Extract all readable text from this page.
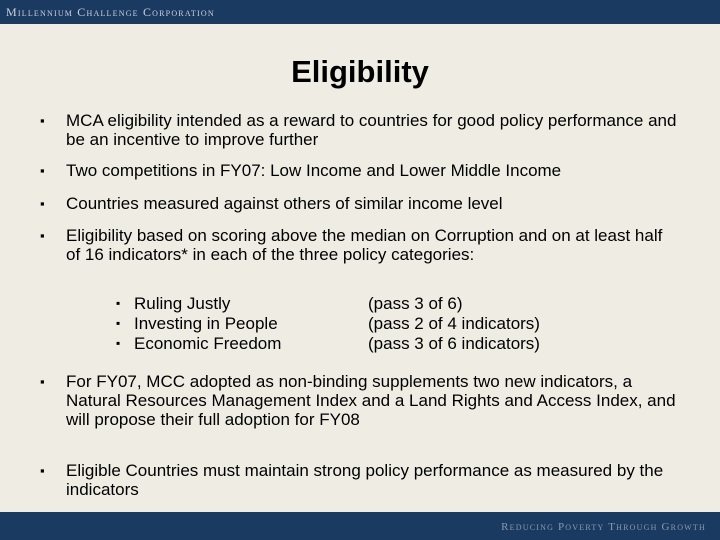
Millennium Challenge Corporation
Eligibility
▪ MCA eligibility intended as a reward to countries for good policy performance and be an incentive to improve further
▪ Two competitions in FY07: Low Income and Lower Middle Income
▪ Countries measured against others of similar income level
▪ Eligibility based on scoring above the median on Corruption and on at least half of 16 indicators* in each of the three policy categories:
▪ Ruling Justly	(pass 3 of 6)
▪ Investing in People	(pass 2 of 4 indicators)
▪ Economic Freedom	(pass 3 of 6 indicators)
▪ For FY07, MCC adopted as non-binding supplements two new indicators, a Natural Resources Management Index and a Land Rights and Access Index, and will propose their full adoption for FY08
▪ Eligible Countries must maintain strong policy performance as measured by the indicators
Reducing Poverty Through Growth
